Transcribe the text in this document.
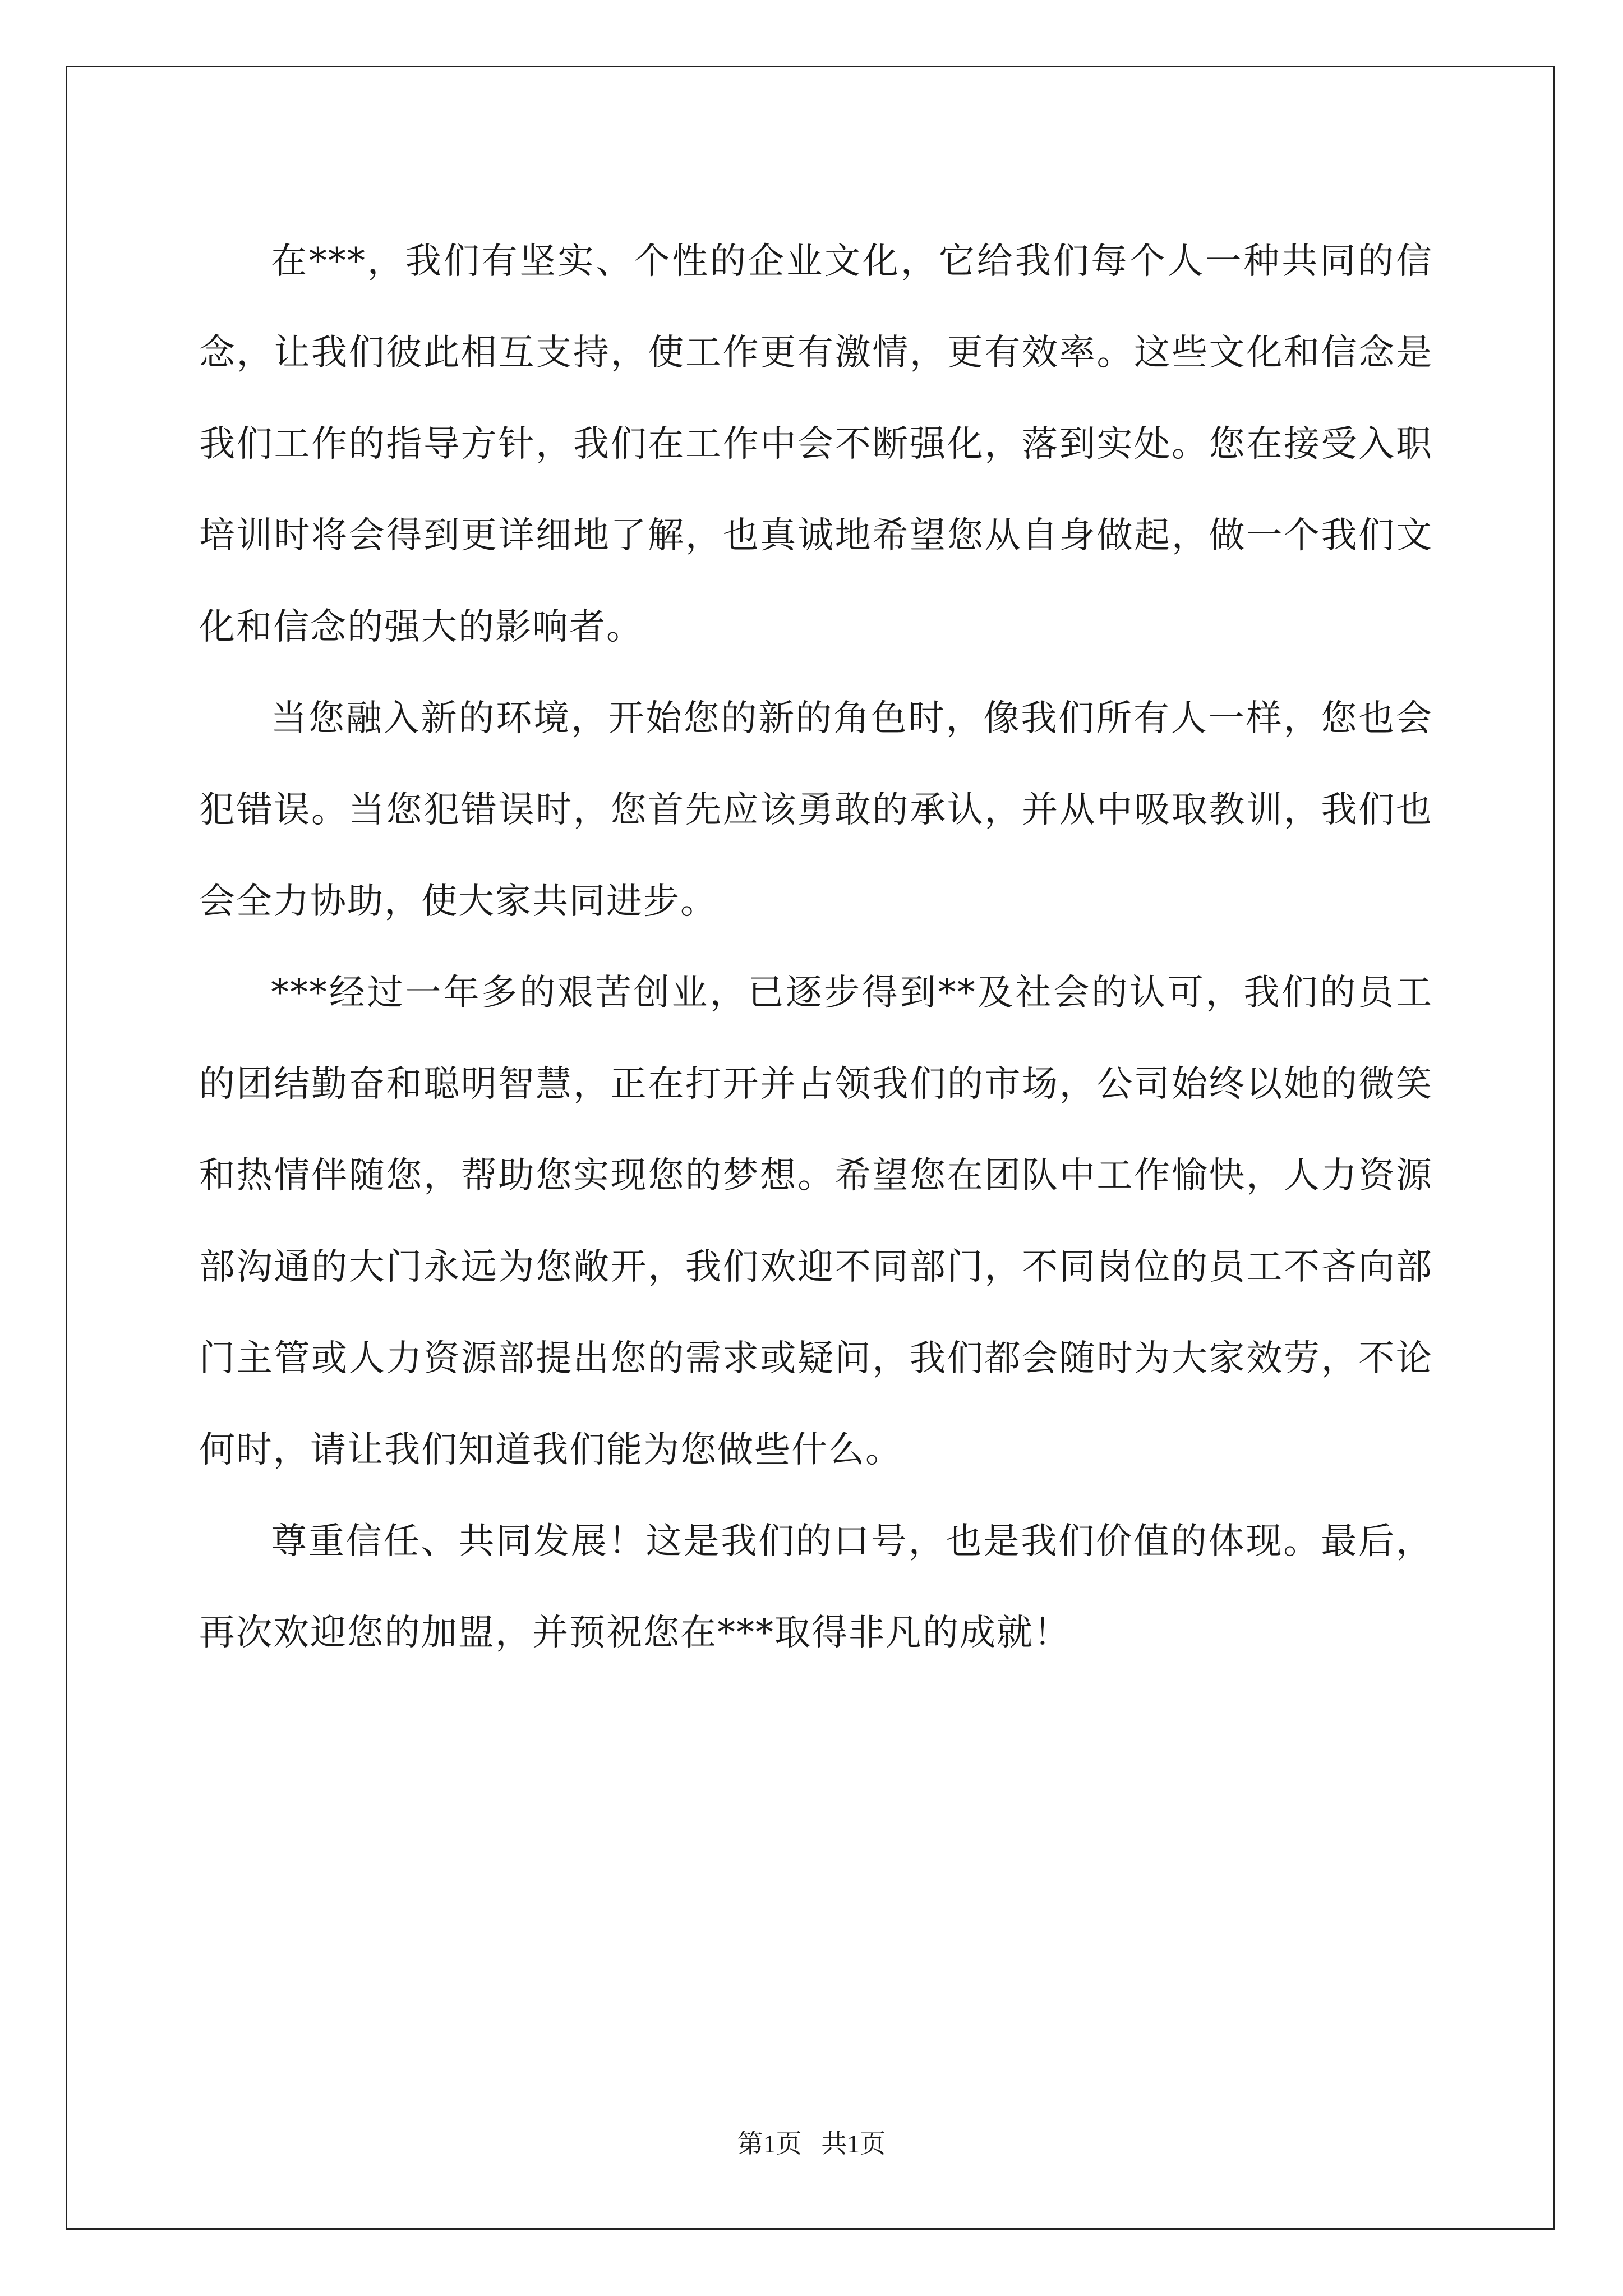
在***，我们有坚实、个性的企业文化，它给我们每个人一种共同的信念，让我们彼此相互支持，使工作更有激情，更有效率。这些文化和信念是我们工作的指导方针，我们在工作中会不断强化，落到实处。您在接受入职培训时将会得到更详细地了解，也真诚地希望您从自身做起，做一个我们文化和信念的强大的影响者。

当您融入新的环境，开始您的新的角色时，像我们所有人一样，您也会犯错误。当您犯错误时，您首先应该勇敢的承认，并从中吸取教训，我们也会全力协助，使大家共同进步。

***经过一年多的艰苦创业，已逐步得到**及社会的认可，我们的员工的团结勤奋和聪明智慧，正在打开并占领我们的市场，公司始终以她的微笑和热情伴随您，帮助您实现您的梦想。希望您在团队中工作愉快，人力资源部沟通的大门永远为您敞开，我们欢迎不同部门，不同岗位的员工不吝向部门主管或人力资源部提出您的需求或疑问，我们都会随时为大家效劳，不论何时，请让我们知道我们能为您做些什么。

尊重信任、共同发展！这是我们的口号，也是我们价值的体现。最后，再次欢迎您的加盟，并预祝您在***取得非凡的成就！

第1页 共1页
